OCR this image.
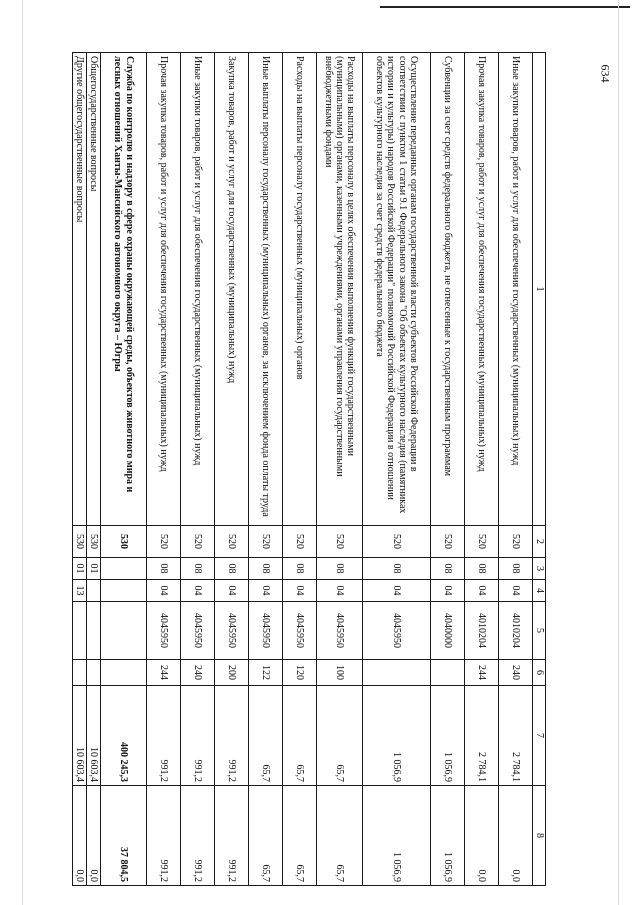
634
1	2	3	4	5	6	7	8
Иные закупки товаров, работ и услуг для обеспечения государственных (муниципальных) нужд	520	08	04	4010204	240	2 784,1	0,0
Прочая закупка товаров, работ и услуг для обеспечения государственных (муниципальных) нужд	520	08	04	4010204	244	2 784,1	0,0
Субвенции за счет средств федерального бюджета, не отнесенные к государственным программам	520	08	04	4040000		1 056,9	1 056,9
Осуществление переданных органам государственной власти субъектов Российской Федерации в соответствии с пунктом 1 статьи 9.1 Федерального закона "Об объектах культурного наследия (памятниках истории и культуры) народов Российской Федерации" полномочий Российской Федерации в отношении объектов культурного наследия за счет средств федерального бюджета	520	08	04	4045950		1 056,9	1 056,9
Расходы на выплаты персоналу в целях обеспечения выполнения функций государственными (муниципальными) органами, казенными учреждениями, органами управления государственными внебюджетными фондами	520	08	04	4045950	100	65,7	65,7
Расходы на выплаты персоналу государственных (муниципальных) органов	520	08	04	4045950	120	65,7	65,7
Иные выплаты персоналу государственных (муниципальных) органов, за исключением фонда оплаты труда	520	08	04	4045950	122	65,7	65,7
Закупка товаров, работ и услуг для государственных (муниципальных) нужд	520	08	04	4045950	200	991,2	991,2
Иные закупки товаров, работ и услуг для обеспечения государственных (муниципальных) нужд	520	08	04	4045950	240	991,2	991,2
Прочая закупка товаров, работ и услуг для обеспечения государственных (муниципальных) нужд	520	08	04	4045950	244	991,2	991,2
Служба по контролю и надзору в сфере охраны окружающей среды, объектов животного мира и лесных отношений Ханты-Мансийского автономного округа – Югры	530					400 245,3	37 804,5
Общегосударственные вопросы	530	01				10 603,4	0,0
Другие общегосударственные вопросы	530	01	13			10 603,4	0,0
